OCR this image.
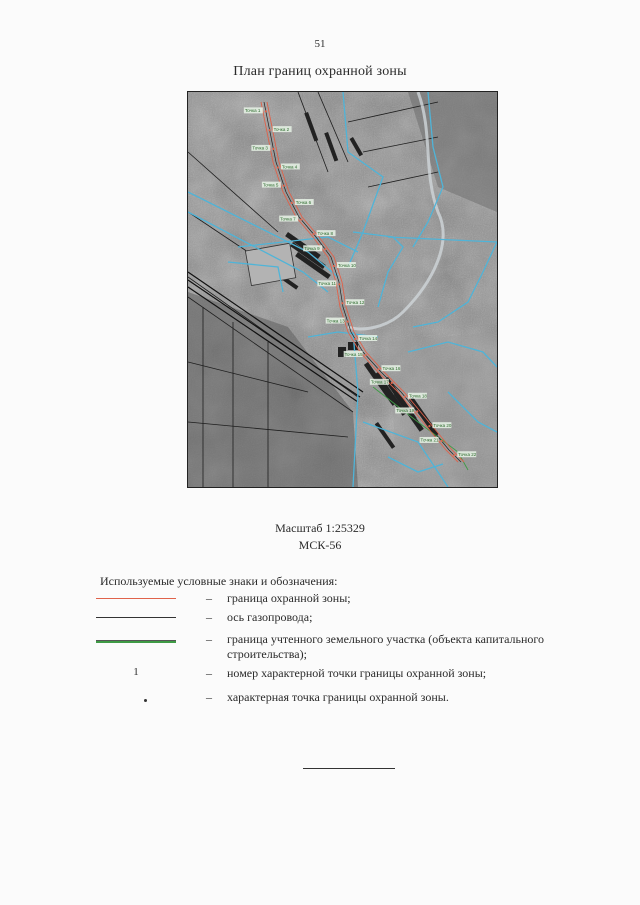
51
План границ охранной зоны
Точка 1
Точка 2
Точка 3
Точка 4
Точка 5
Точка 6
Точка 7
Точка 8
Точка 9
Точка 10
Точка 11
Точка 12
Точка 13
Точка 14
Точка 15
Точка 16
Точка 17
Точка 18
Точка 19
Точка 20
Точка 21
Точка 22
Масштаб 1:25329
МСК-56
Используемые условные знаки и обозначения:
– граница охранной зоны;
– ось газопровода;
– граница учтенного земельного участка (объекта капитального строительства);
1	– номер характерной точки границы охранной зоны;
– характерная точка границы охранной зоны.
